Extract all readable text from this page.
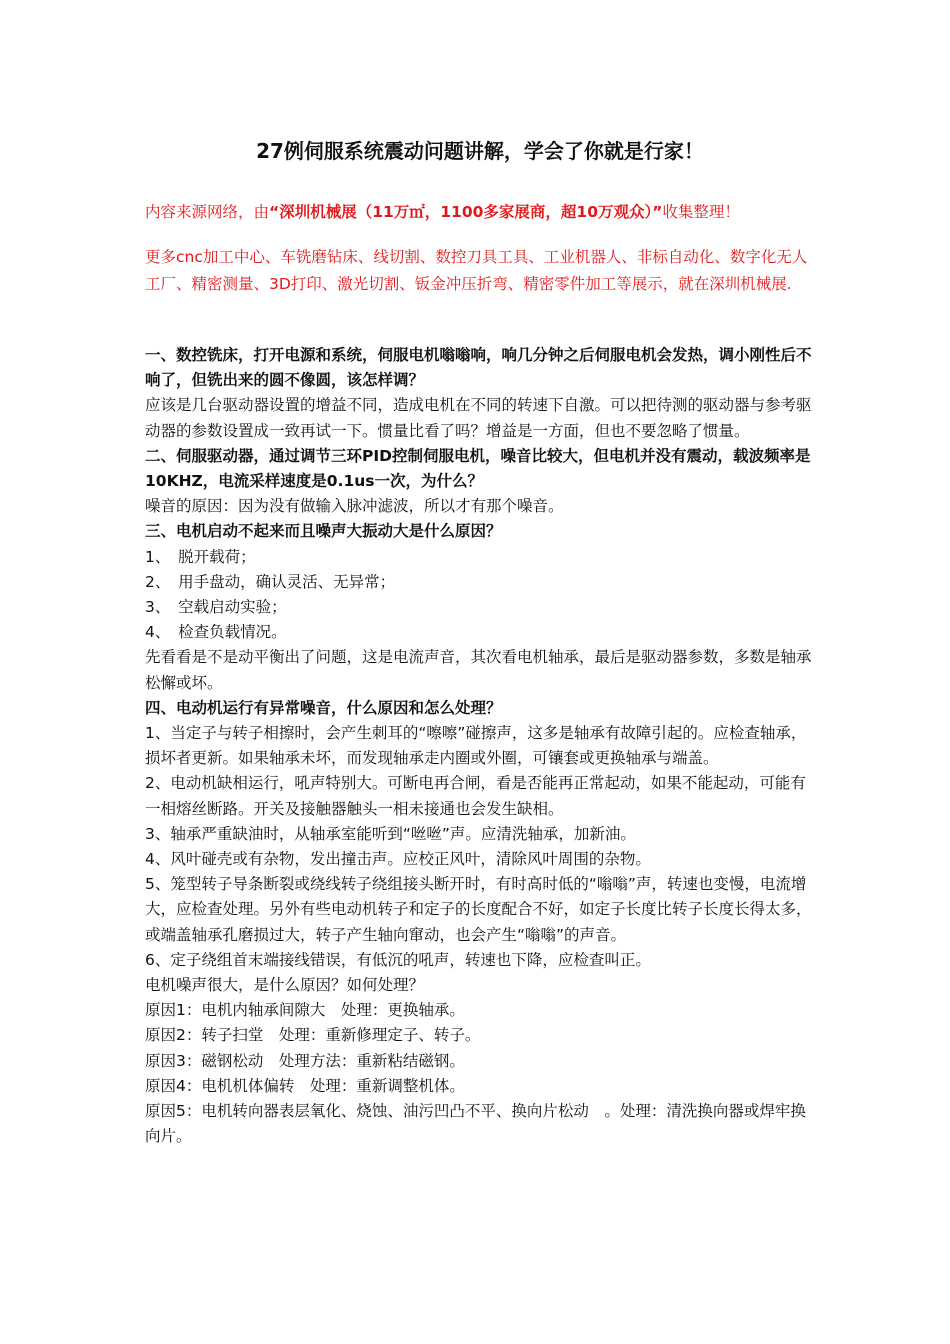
27例伺服系统震动问题讲解，学会了你就是行家！
内容来源网络，由“深圳机械展（11万㎡，1100多家展商，超10万观众）”收集整理！
更多cnc加工中心、车铣磨钻床、线切割、数控刀具工具、工业机器人、非标自动化、数字化无人工厂、精密测量、3D打印、激光切割、钣金冲压折弯、精密零件加工等展示，就在深圳机械展.

一、数控铣床，打开电源和系统，伺服电机嗡嗡响，响几分钟之后伺服电机会发热，调小刚性后不响了，但铣出来的圆不像圆，该怎样调？

应该是几台驱动器设置的增益不同，造成电机在不同的转速下自激。可以把待测的驱动器与参考驱动器的参数设置成一致再试一下。惯量比看了吗？增益是一方面，但也不要忽略了惯量。

二、伺服驱动器，通过调节三环PID控制伺服电机，噪音比较大，但电机并没有震动，载波频率是10KHZ，电流采样速度是0.1us一次，为什么？

噪音的原因：因为没有做输入脉冲滤波，所以才有那个噪音。

三、电机启动不起来而且噪声大振动大是什么原因？

1、　脱开载荷；

2、　用手盘动，确认灵活、无异常；

3、　空载启动实验；

4、　检查负载情况。

先看看是不是动平衡出了问题，这是电流声音，其次看电机轴承，最后是驱动器参数，多数是轴承松懈或坏。

四、电动机运行有异常噪音，什么原因和怎么处理？

1、当定子与转子相擦时，会产生刺耳的“嚓嚓”碰擦声，这多是轴承有故障引起的。应检查轴承，损坏者更新。如果轴承未坏，而发现轴承走内圈或外圈，可镶套或更换轴承与端盖。

2、电动机缺相运行，吼声特别大。可断电再合闸，看是否能再正常起动，如果不能起动，可能有一相熔丝断路。开关及接触器触头一相未接通也会发生缺相。

3、轴承严重缺油时，从轴承室能听到“咝咝”声。应清洗轴承，加新油。

4、风叶碰壳或有杂物，发出撞击声。应校正风叶，清除风叶周围的杂物。

5、笼型转子导条断裂或绕线转子绕组接头断开时，有时高时低的“嗡嗡”声，转速也变慢，电流增大，应检查处理。另外有些电动机转子和定子的长度配合不好，如定子长度比转子长度长得太多，或端盖轴承孔磨损过大，转子产生轴向窜动，也会产生“嗡嗡”的声音。

6、定子绕组首末端接线错误，有低沉的吼声，转速也下降，应检查叫正。

电机噪声很大，是什么原因？如何处理？

原因1：电机内轴承间隙大　处理：更换轴承。

原因2：转子扫堂　处理：重新修理定子、转子。

原因3：磁钢松动　处理方法：重新粘结磁钢。

原因4：电机机体偏转　处理：重新调整机体。

原因5：电机转向器表层氧化、烧蚀、油污凹凸不平、换向片松动　。处理：清洗换向器或焊牢换向片。
